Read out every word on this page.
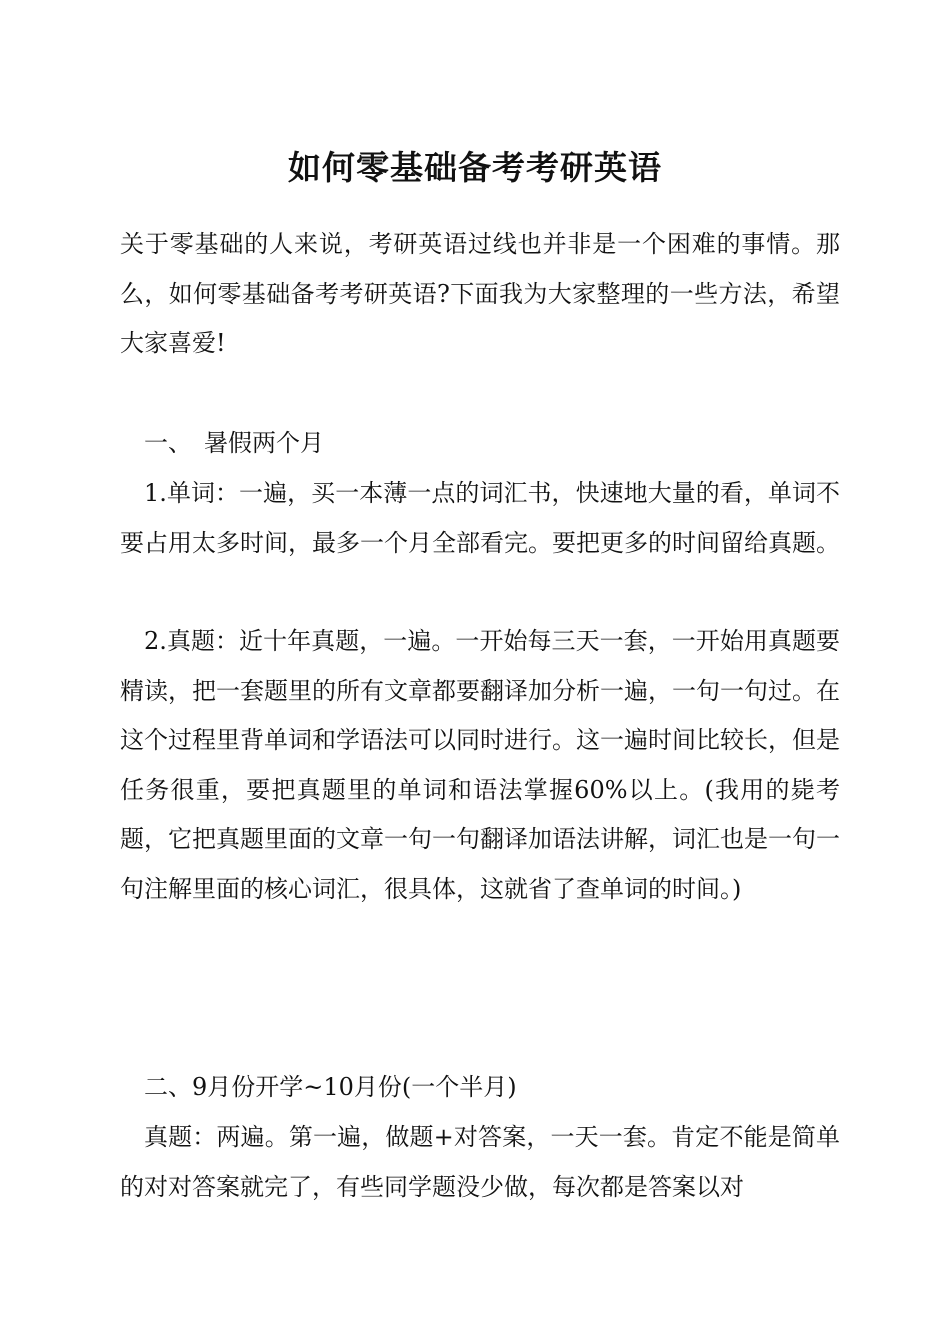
如何零基础备考考研英语

关于零基础的人来说，考研英语过线也并非是一个困难的事情。那么，如何零基础备考考研英语?下面我为大家整理的一些方法，希望大家喜爱!

一、　暑假两个月

1.单词：一遍，买一本薄一点的词汇书，快速地大量的看，单词不要占用太多时间，最多一个月全部看完。要把更多的时间留给真题。

2.真题：近十年真题，一遍。一开始每三天一套，一开始用真题要精读，把一套题里的所有文章都要翻译加分析一遍，一句一句过。在这个过程里背单词和学语法可以同时进行。这一遍时间比较长，但是任务很重，要把真题里的单词和语法掌握60%以上。(我用的毙考题，它把真题里面的文章一句一句翻译加语法讲解，词汇也是一句一句注解里面的核心词汇，很具体，这就省了查单词的时间。)

二、9月份开学~10月份(一个半月)

真题：两遍。第一遍，做题+对答案，一天一套。肯定不能是简单的对对答案就完了，有些同学题没少做，每次都是答案以对
